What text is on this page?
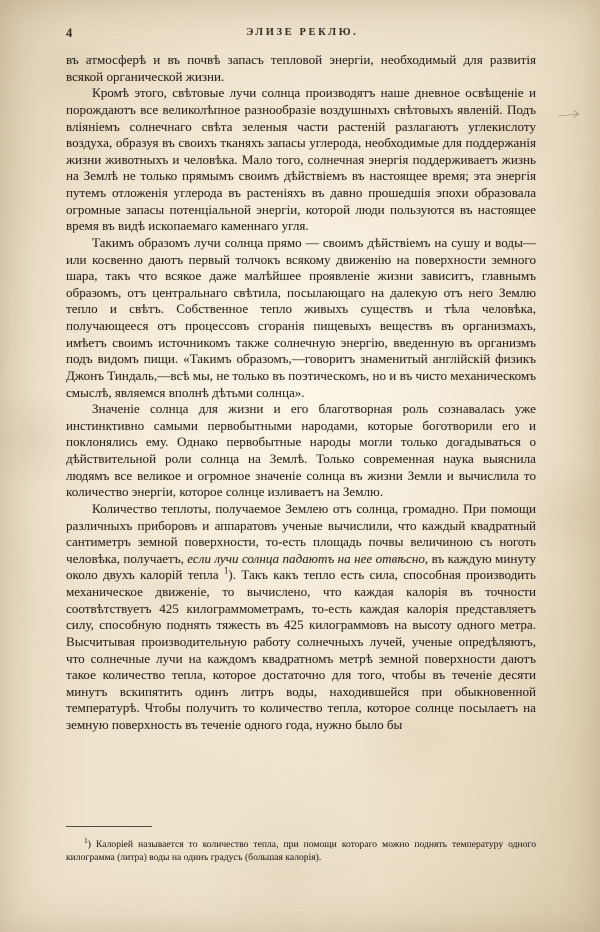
4	ЭЛИЗЕ РЕКЛЮ.

въ атмосферѣ и въ почвѣ запасъ тепловой энергіи, необходимый для развитія всякой органической жизни.

Кромѣ этого, свѣтовые лучи солнца производятъ наше дневное освѣщеніе и порождаютъ все великолѣпное разнообразіе воздушныхъ свѣтовыхъ явленій. Подъ вліяніемъ солнечнаго свѣта зеленыя части растеній разлагаютъ углекислоту воздуха, образуя въ своихъ тканяхъ запасы углерода, необходимые для поддержанія жизни животныхъ и человѣка. Мало того, солнечная энергія поддерживаетъ жизнь на Землѣ не только прямымъ своимъ дѣйствіемъ въ настоящее время; эта энергія путемъ отложенія углерода въ растеніяхъ въ давно прошедшія эпохи образовала огромные запасы потенціальной энергіи, которой люди пользуются въ настоящее время въ видѣ ископаемаго каменнаго угля.

Такимъ образомъ лучи солнца прямо — своимъ дѣйствіемъ на сушу и воды—или косвенно даютъ первый толчокъ всякому движенію на поверхности земного шара, такъ что всякое даже малѣйшее проявленіе жизни зависитъ, главнымъ образомъ, отъ центральнаго свѣтила, посылающаго на далекую отъ него Землю тепло и свѣтъ. Собственное тепло живыхъ существъ и тѣла человѣка, получающееся отъ процессовъ сгоранія пищевыхъ веществъ въ организмахъ, имѣетъ своимъ источникомъ также солнечную энергію, введенную въ организмъ подъ видомъ пищи. «Такимъ образомъ,—говоритъ знаменитый англійскій физикъ Джонъ Тиндаль,—всѣ мы, не только въ поэтическомъ, но и въ чисто механическомъ смыслѣ, являемся вполнѣ дѣтьми солнца».

Значеніе солнца для жизни и его благотворная роль сознавалась уже инстинктивно самыми первобытными народами, которые боготворили его и поклонялись ему. Однако первобытные народы могли только догадываться о дѣйствительной роли солнца на Землѣ. Только современная наука выяснила людямъ все великое и огромное значеніе солнца въ жизни Земли и вычислила то количество энергіи, которое солнце изливаетъ на Землю.

Количество теплоты, получаемое Землею отъ солнца, громадно. При помощи различныхъ приборовъ и аппаратовъ ученые вычислили, что каждый квадратный сантиметръ земной поверхности, то-есть площадь почвы величиною съ ноготь человѣка, получаетъ, если лучи солнца падаютъ на нее отвѣсно, въ каждую минуту около двухъ калорій тепла $^1$). Такъ какъ тепло есть сила, способная производить механическое движеніе, то вычислено, что каждая калорія въ точности соотвѣтствуетъ 425 килограммометрамъ, то-есть каждая калорія представляетъ силу, способную поднять тяжесть въ 425 килограммовъ на высоту одного метра. Высчитывая производительную работу солнечныхъ лучей, ученые опредѣляютъ, что солнечные лучи на каждомъ квадратномъ метрѣ земной поверхности даютъ такое количество тепла, которое достаточно для того, чтобы въ теченіе десяти минутъ вскипятить одинъ литръ воды, находившейся при обыкновенной температурѣ. Чтобы получить то количество тепла, которое солнце посылаетъ на земную поверхность въ теченіе одного года, нужно было бы

$^1$) Калоріей называется то количество тепла, при помощи котораго можно поднять температуру одного килограмма (литра) воды на одинъ градусъ (большая калорія).
